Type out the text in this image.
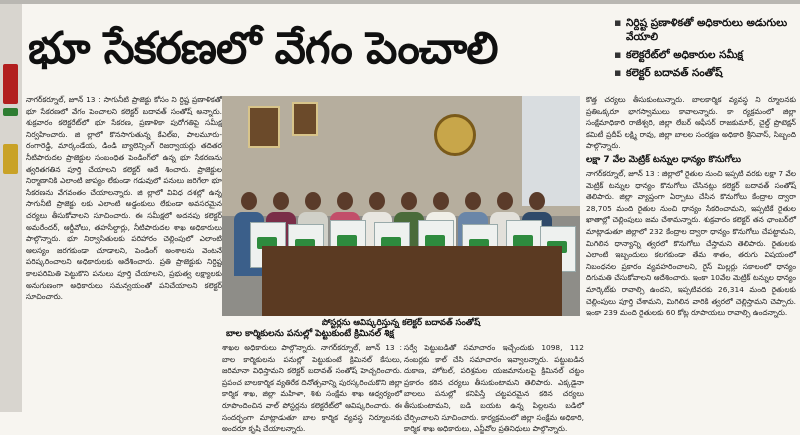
భూ సేకరణలో వేగం పెంచాలి
▪ నిర్దిష్ట ప్రణాళికతో అధికారులు అడుగులు వేయాలి
▪ కలెక్టరేట్‌లో అధికారుల సమీక్ష
▪ కలెక్టర్ బదావత్ సంతోష్

నాగర్‌కర్నూల్, జూన్ 13 : సాగునీటి ప్రాజెక్టు కోసం ని ర్దిష్ట ప్రణాళికతో భూ సేకరణలో వేగం పెంచాలని కలెక్టర్ బదావత్ సంతోష్ అన్నారు. శుక్రవారం కలెక్టరేట్‌లో భూ సేకరణ, ప్రణాళికా పురోగతిపై సమీక్ష నిర్వహించారు. జి ల్లాలో కొనసాగుతున్న కేఎల్ఐ, పాలమూరు-రంగారెడ్డి, మార్కండేయ, డిండి బ్యాలెన్సింగ్ రిజర్వాయర్లు తదితర నీటిపారుదల ప్రాజెక్టుల సంబంధిత పెండింగ్‌లో ఉన్న భూ సేకరణను త్వరితగతిన పూర్తి చేయాలని కలెక్టర్ ఆదే శించారు. ప్రాజెక్టుల నిర్మాణానికి ఎలాంటి జాప్యం లేకుండా గడువులో పనులు జరిగేలా భూ సేకరణను వేగవంతం చేయాలన్నారు. జి ల్లాలో వివిధ దశల్లో ఉన్న సాగునీటి ప్రాజెక్టు లకు ఎలాంటి అడ్డంకులు లేకుండా అవసరమైన చర్యలు తీసుకోవాలని సూచించారు. ఈ సమీక్షలో అదనపు కలెక్టర్ అమరేందర్, ఆర్డీవోలు, తహసీల్దార్లు, నీటిపారుదల శాఖ అధికారులు పాల్గొన్నారు. భూ నిర్వాసితులకు పరిహారం చెల్లింపులో ఎలాంటి ఆలస్యం జరగకుండా చూడాలని, పెండింగ్ అంశాలను వెంటనే పరిష్కరించాలని అధికారులకు ఆదేశించారు. ప్రతి ప్రాజెక్టుకు నిర్దిష్ట కాలపరిమితి పెట్టుకొని పనులు పూర్తి చేయాలని, ప్రభుత్వ లక్ష్యాలకు అనుగుణంగా అధికారులు సమన్వయంతో పనిచేయాలని కలెక్టర్ సూచించారు.

పోస్టర్లను ఆవిష్కరిస్తున్న కలెక్టర్ బదావత్ సంతోష్
బాల కార్మికులను పనుల్లో పెట్టుకుంటే క్రిమినల్ శిక్ష

శాఖల అధికారులు పాల్గొన్నారు. నాగర్‌కర్నూల్, జూన్ 13 : బాల కార్మికులను పనుల్లో పెట్టుకుంటే క్రిమినల్ కేసులు, జరిమానా విధిస్తామని కలెక్టర్ బదావత్ సంతోష్ హెచ్చరించారు. ప్రపంచ బాలకార్మిక వ్యతిరేక దినోత్సవాన్ని పురస్కరించుకొని జిల్లా కార్మిక శాఖ, జిల్లా మహిళా, శిశు సంక్షేమ శాఖ ఆధ్వర్యంలో రూపొందించిన వాల్ పోస్టర్లను కలెక్టరేట్‌లో ఆవిష్కరించారు. ఈ సందర్భంగా మాట్లాడుతూ బాల కార్మిక వ్యవస్థ నిర్మూలనకు అందరూ కృషి చేయాలన్నారు.

సర్వే పెట్టుబడితో సమాచారం ఇచ్చేందుకు 1098, 112 నంబర్లకు కాల్ చేసి సమాచారం ఇవ్వాలన్నారు. పట్టుబడిన దుకాణ, హోటల్, పరిశ్రమల యజమానులపై క్రిమినల్ చట్టం ప్రకారం కఠిన చర్యలు తీసుకుంటామని తెలిపారు. ఎక్కడైనా బాలలు పనుల్లో కనిపిస్తే చట్టపరమైన కఠిన చర్యలు తీసుకుంటామని, బడి బయట ఉన్న పిల్లలను బడిలో చేర్పించాలని సూచించారు. కార్యక్రమంలో జిల్లా సంక్షేమ అధికారి, కార్మిక శాఖ అధికారులు, ఎన్జీవోల ప్రతినిధులు పాల్గొన్నారు.

కొత్త చర్యలు తీసుకుంటున్నారు. బాలకార్మిక వ్యవస్థ ని ర్మూలనకు ప్రతిఒక్కరూ భాగస్వాములు కావాలన్నారు. కా ర్యక్రమంలో జిల్లా సంక్షేమాధికారి రాజేశ్వరి, జిల్లా లేబర్ ఆఫీసర్ రాజకుమార్, చైల్డ్ ప్రొటెక్షన్ కమిటీ ప్రదీప్ లక్ష్మి రావు, జిల్లా బాలల సంరక్షణ అధికారి శ్రీనివాస్, సిబ్బంది పాల్గొన్నారు.

లక్షా 7 వేల మెట్రిక్ టన్నుల ధాన్యం కొనుగోలు

నాగర్‌కర్నూల్, జూన్ 13 : జిల్లాలో రైతుల నుంచి ఇప్పటి వరకు లక్షా 7 వేల మెట్రిక్ టన్నుల ధాన్యం కొనుగోలు చేసినట్లు కలెక్టర్ బదావత్ సంతోష్ తెలిపారు. జిల్లా వ్యాప్తంగా ఏర్పాటు చేసిన కొనుగోలు కేంద్రాల ద్వారా 28,705 మంది రైతుల నుంచి ధాన్యం సేకరించామని, ఇప్పటికే రైతుల ఖాతాల్లో చెల్లింపులు జమ చేశామన్నారు. శుక్రవారం కలెక్టర్ తన ఛాంబర్‌లో మాట్లాడుతూ జిల్లాలో 232 కేంద్రాల ద్వారా ధాన్యం కొనుగోలు చేపట్టామని, మిగిలిన ధాన్యాన్ని త్వరలో కొనుగోలు చేస్తామని తెలిపారు. రైతులకు ఎలాంటి ఇబ్బందులు కలగకుండా తేమ శాతం, తరుగు విషయంలో నిబంధనల ప్రకారం వ్యవహరించాలని, రైస్ మిల్లర్లు సకాలంలో ధాన్యం దిగుమతి చేసుకోవాలని ఆదేశించారు. ఇంకా 10వేల మెట్రిక్ టన్నుల ధాన్యం మార్కెట్‌కు రావాల్సి ఉందని, ఇప్పటివరకు 26,314 మంది రైతులకు చెల్లింపులు పూర్తి చేశామని, మిగిలిన వారికి త్వరలో చెల్లిస్తామని చెప్పారు. ఇంకా 239 మంది రైతులకు 60 కోట్ల రూపాయలు రావాల్సి ఉందన్నారు.
